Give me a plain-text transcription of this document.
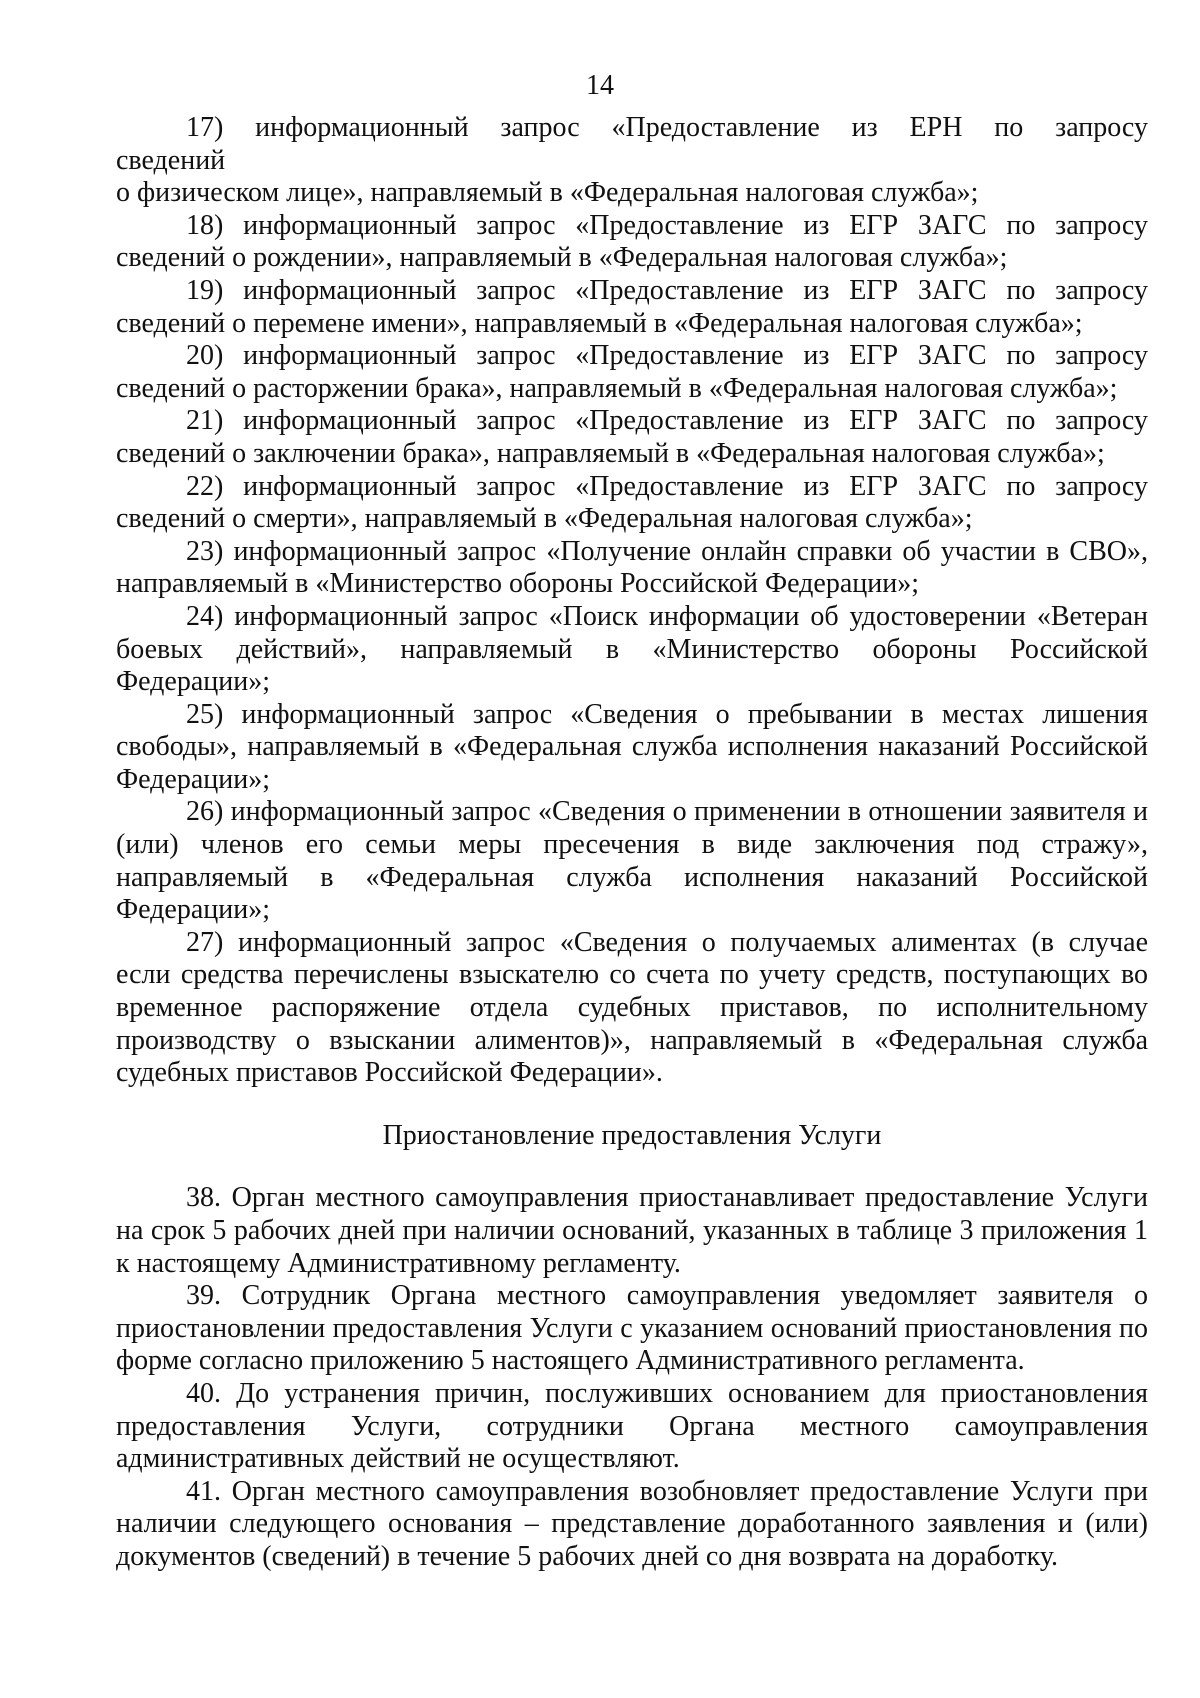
14

17) информационный запрос «Предоставление из ЕРН по запросу
сведений
о физическом лице», направляемый в «Федеральная налоговая служба»;

18) информационный запрос «Предоставление из ЕГР ЗАГС по запросу сведений о рождении», направляемый в «Федеральная налоговая служба»;

19) информационный запрос «Предоставление из ЕГР ЗАГС по запросу сведений о перемене имени», направляемый в «Федеральная налоговая служба»;

20) информационный запрос «Предоставление из ЕГР ЗАГС по запросу сведений о расторжении брака», направляемый в «Федеральная налоговая служба»;

21) информационный запрос «Предоставление из ЕГР ЗАГС по запросу сведений о заключении брака», направляемый в «Федеральная налоговая служба»;

22) информационный запрос «Предоставление из ЕГР ЗАГС по запросу сведений о смерти», направляемый в «Федеральная налоговая служба»;

23) информационный запрос «Получение онлайн справки об участии в СВО», направляемый в «Министерство обороны Российской Федерации»;

24) информационный запрос «Поиск информации об удостоверении «Ветеран боевых действий», направляемый в «Министерство обороны Российской Федерации»;

25) информационный запрос «Сведения о пребывании в местах лишения свободы», направляемый в «Федеральная служба исполнения наказаний Российской Федерации»;

26) информационный запрос «Сведения о применении в отношении заявителя и (или) членов его семьи меры пресечения в виде заключения под стражу», направляемый в «Федеральная служба исполнения наказаний Российской Федерации»;

27) информационный запрос «Сведения о получаемых алиментах (в случае если средства перечислены взыскателю со счета по учету средств, поступающих во временное распоряжение отдела судебных приставов, по исполнительному производству о взыскании алиментов)», направляемый в «Федеральная служба судебных приставов Российской Федерации».

Приостановление предоставления Услуги

38. Орган местного самоуправления приостанавливает предоставление Услуги на срок 5 рабочих дней при наличии оснований, указанных в таблице 3 приложения 1 к настоящему Административному регламенту.

39. Сотрудник Органа местного самоуправления уведомляет заявителя о приостановлении предоставления Услуги с указанием оснований приостановления по форме согласно приложению 5 настоящего Административного регламента.

40. До устранения причин, послуживших основанием для приостановления предоставления Услуги, сотрудники Органа местного самоуправления административных действий не осуществляют.

41. Орган местного самоуправления возобновляет предоставление Услуги при наличии следующего основания – представление доработанного заявления и (или) документов (сведений) в течение 5 рабочих дней со дня возврата на доработку.
